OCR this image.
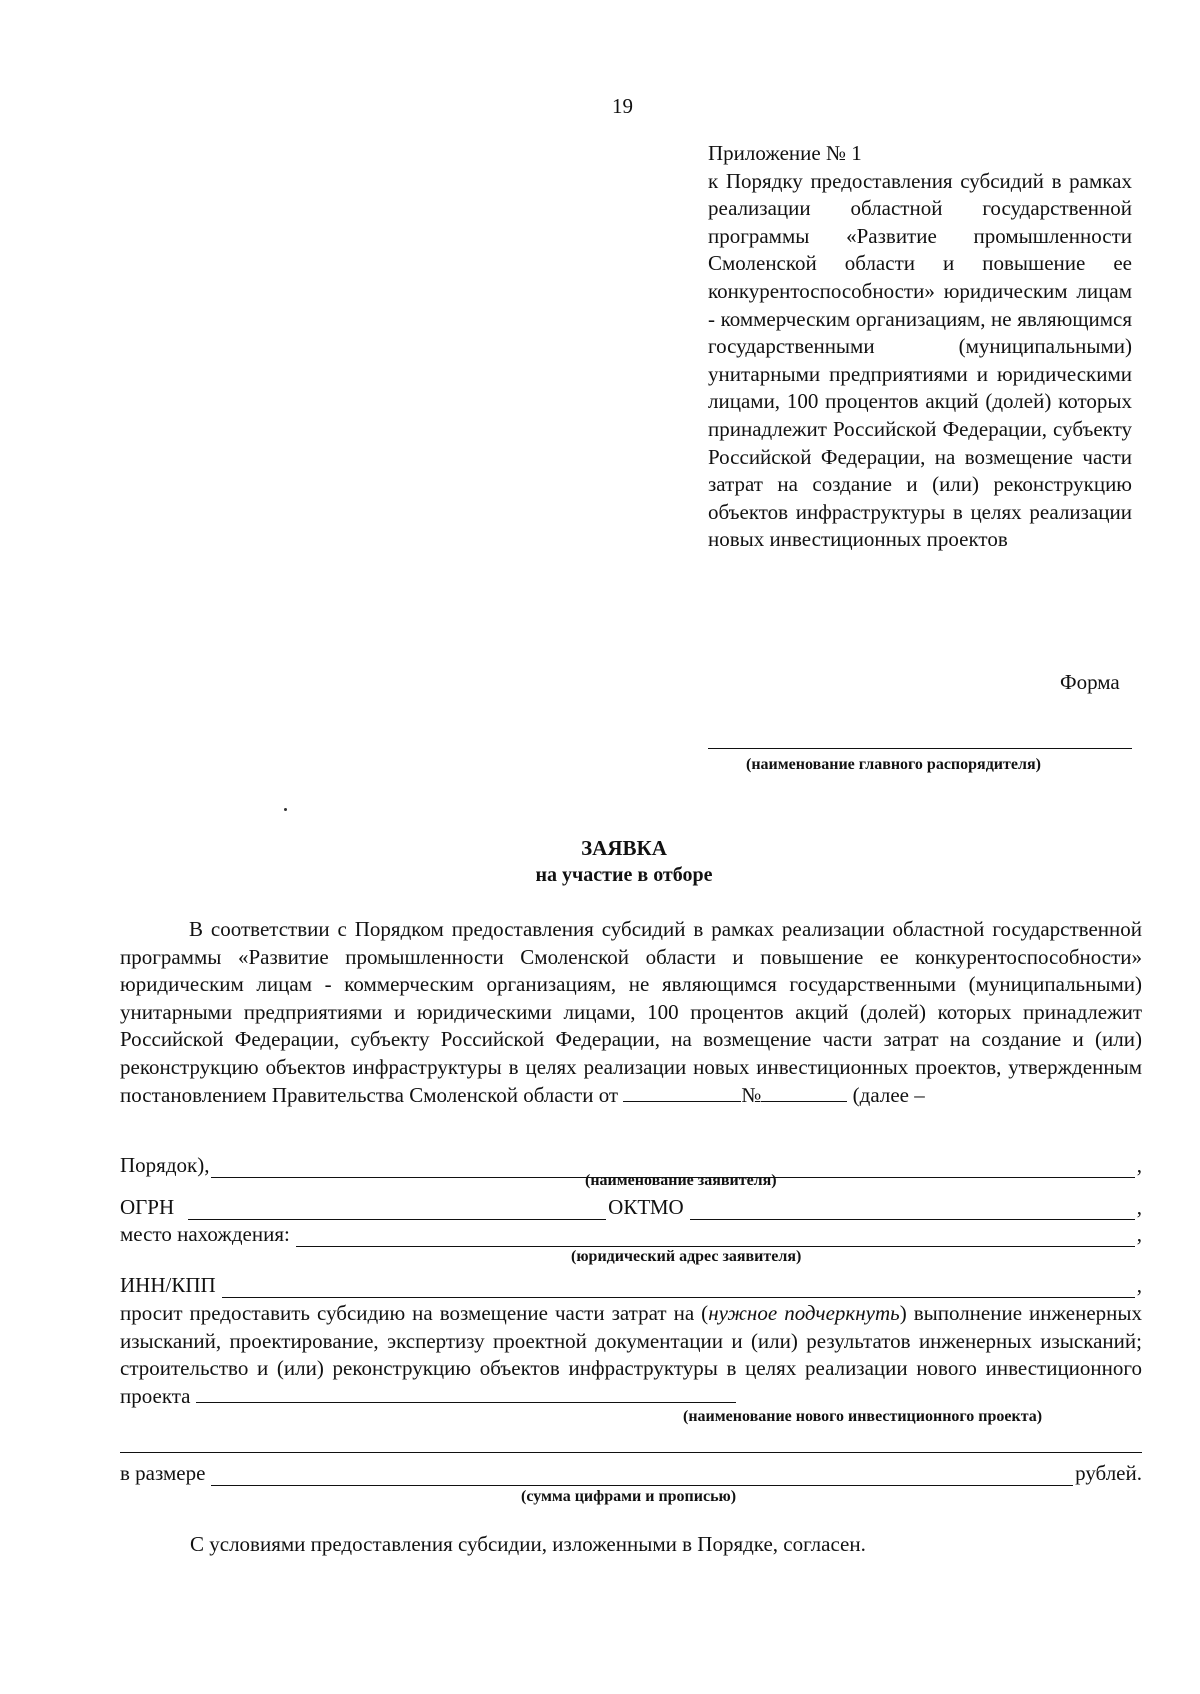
19
Приложение № 1
к Порядку предоставления субсидий в рамках реализации областной государственной программы «Развитие промышленности Смоленской области и повышение ее конкурентоспособности» юридическим лицам - коммерческим организациям, не являющимся государственными (муниципальными) унитарными предприятиями и юридическими лицами, 100 процентов акций (долей) которых принадлежит Российской Федерации, субъекту Российской Федерации, на возмещение части затрат на создание и (или) реконструкцию объектов инфраструктуры в целях реализации новых инвестиционных проектов
Форма
(наименование главного распорядителя)
ЗАЯВКА
на участие в отборе
В соответствии с Порядком предоставления субсидий в рамках реализации областной государственной программы «Развитие промышленности Смоленской области и повышение ее конкурентоспособности» юридическим лицам - коммерческим организациям, не являющимся государственными (муниципальными) унитарными предприятиями и юридическими лицами, 100 процентов акций (долей) которых принадлежит Российской Федерации, субъекту Российской Федерации, на возмещение части затрат на создание и (или) реконструкцию объектов инфраструктуры в целях реализации новых инвестиционных проектов, утвержденным постановлением Правительства Смоленской области от	№	(далее –
Порядок),	,
(наименование заявителя)
ОГРН	ОКТМО	,
место нахождения:	,
(юридический адрес заявителя)
ИНН/КПП	,
просит предоставить субсидию на возмещение части затрат на (нужное подчеркнуть) выполнение инженерных изысканий, проектирование, экспертизу проектной документации и (или) результатов инженерных изысканий; строительство и (или) реконструкцию объектов инфраструктуры в целях реализации нового инвестиционного проекта
(наименование нового инвестиционного проекта)
в размере	рублей.
(сумма цифрами и прописью)
С условиями предоставления субсидии, изложенными в Порядке, согласен.
